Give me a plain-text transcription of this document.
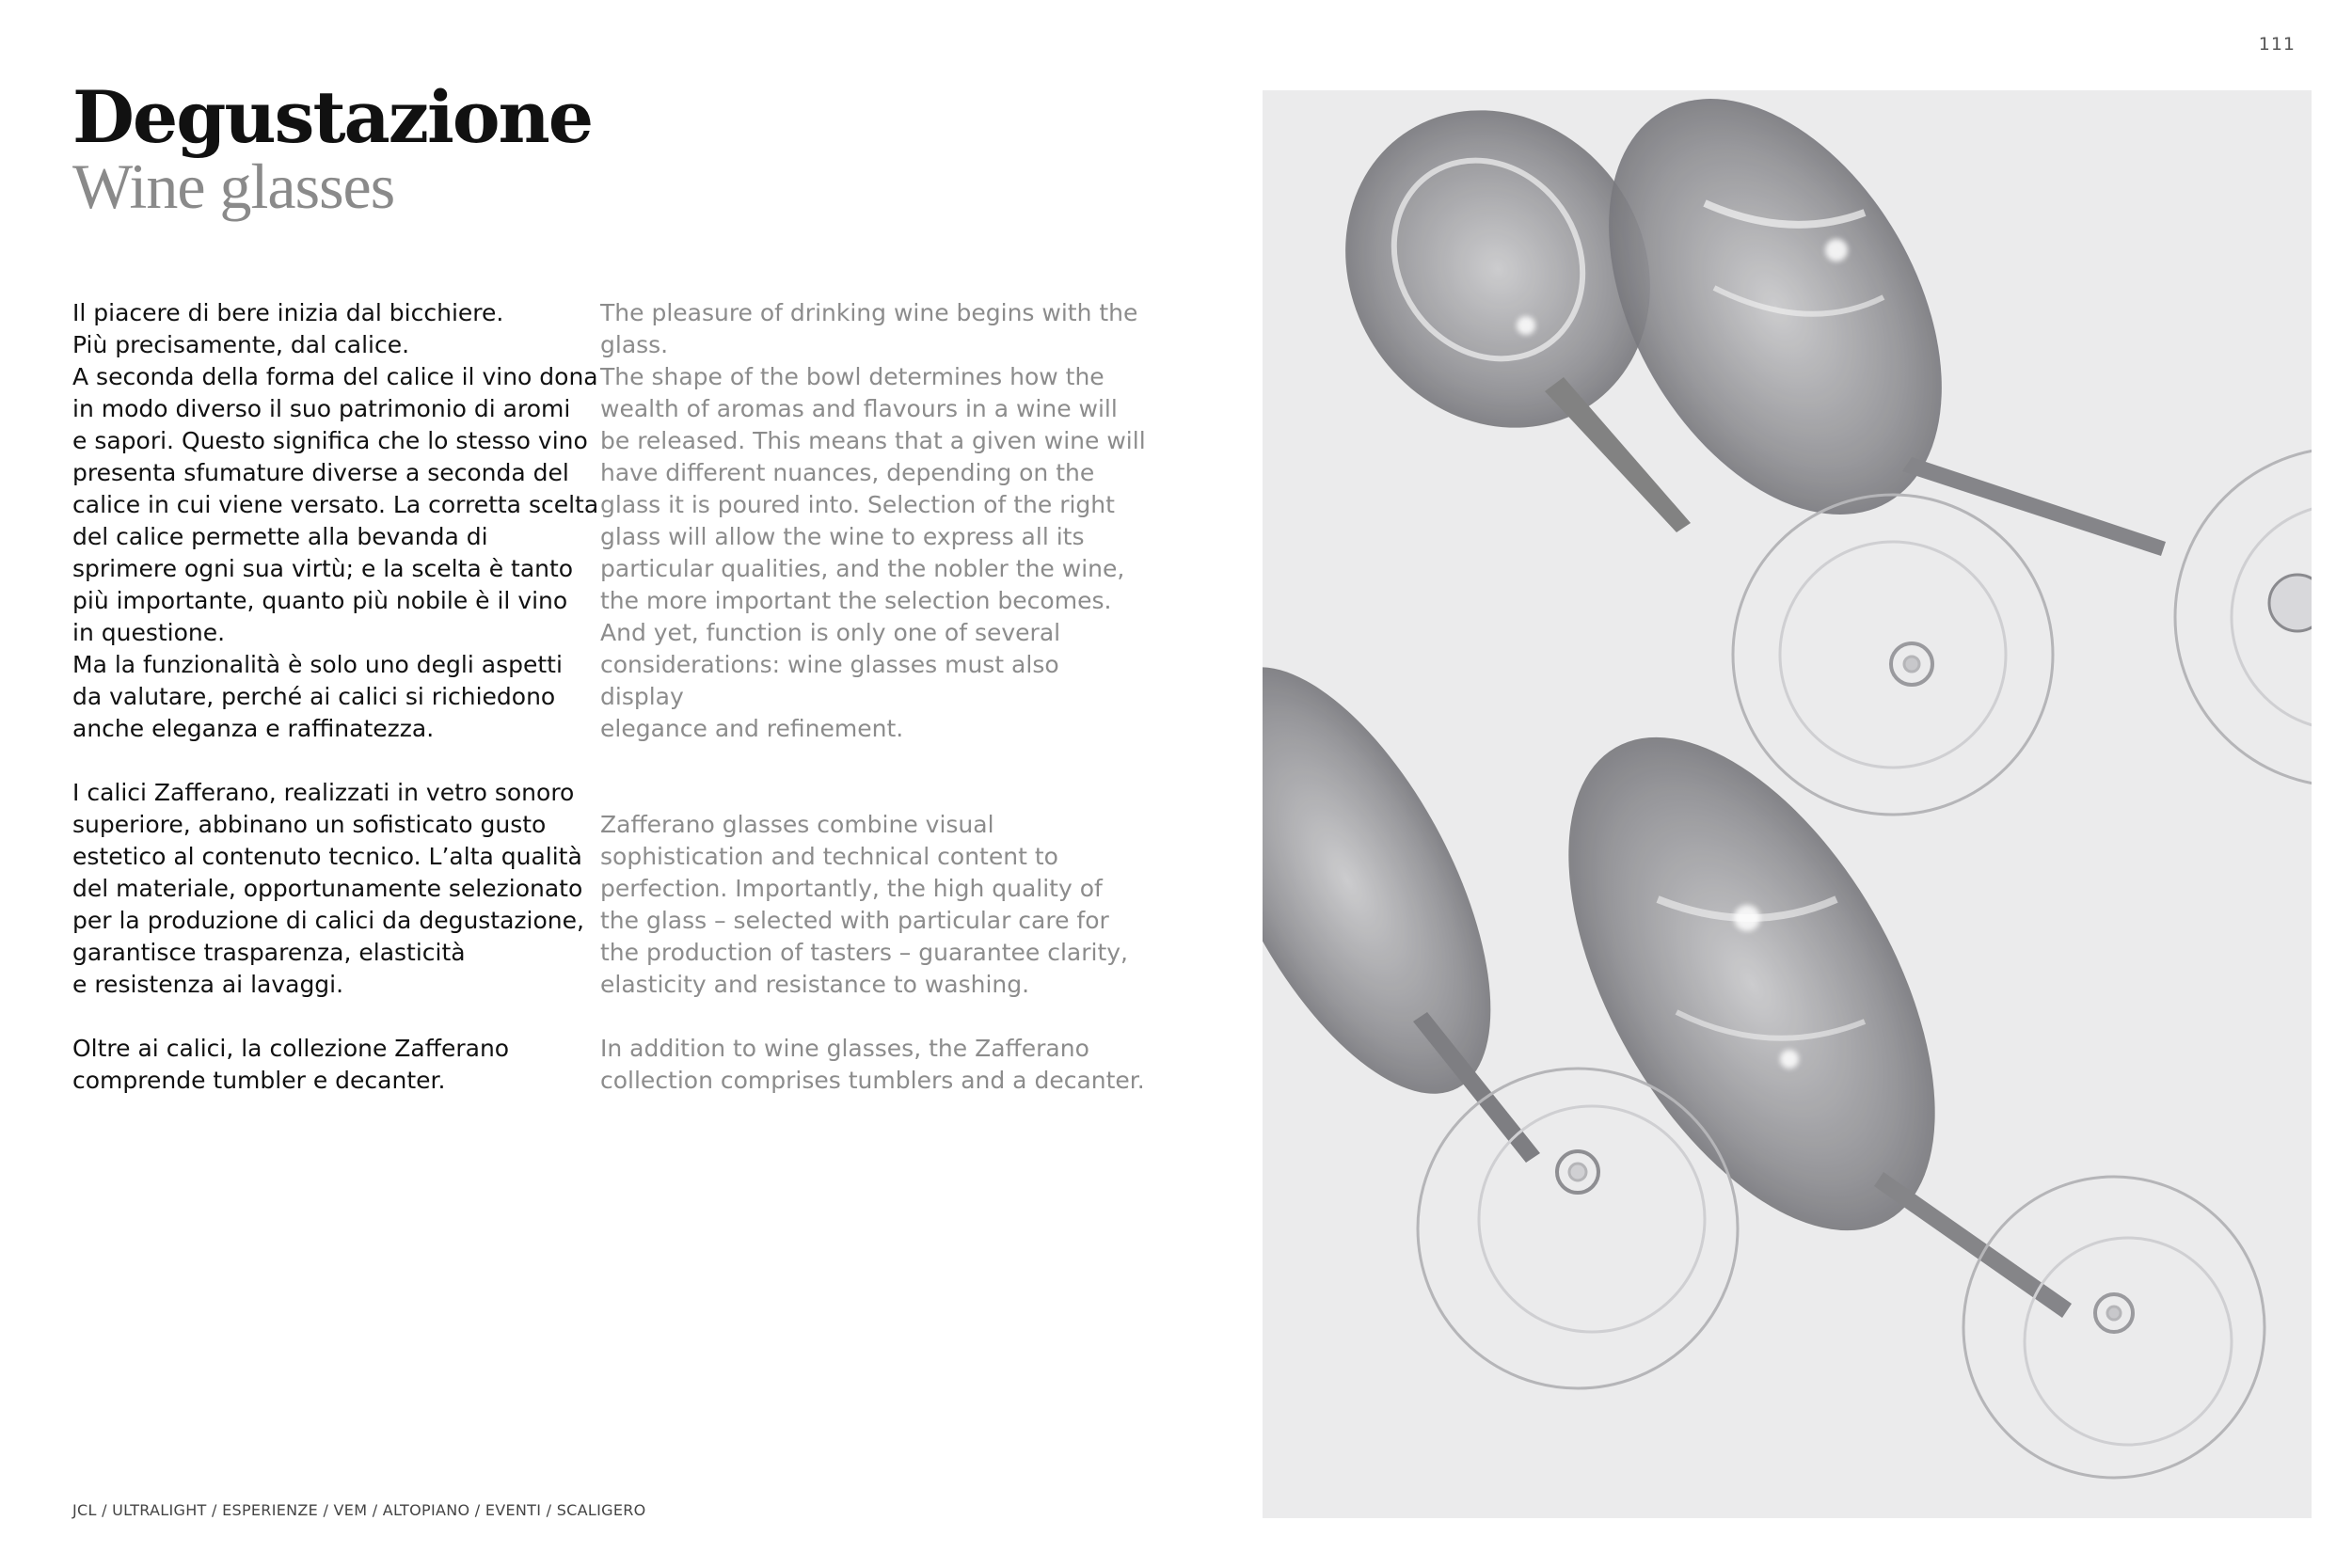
111
Degustazione
Wine glasses

Il piacere di bere inizia dal bicchiere.
Più precisamente, dal calice.
A seconda della forma del calice il vino dona
in modo diverso il suo patrimonio di aromi
e sapori. Questo significa che lo stesso vino
presenta sfumature diverse a seconda del
calice in cui viene versato. La corretta scelta
del calice permette alla bevanda di
sprimere ogni sua virtù; e la scelta è tanto
più importante, quanto più nobile è il vino
in questione.
Ma la funzionalità è solo uno degli aspetti
da valutare, perché ai calici si richiedono
anche eleganza e raffinatezza.

I calici Zafferano, realizzati in vetro sonoro
superiore, abbinano un sofisticato gusto
estetico al contenuto tecnico. L’alta qualità
del materiale, opportunamente selezionato
per la produzione di calici da degustazione,
garantisce trasparenza, elasticità
e resistenza ai lavaggi.

Oltre ai calici, la collezione Zafferano
comprende tumbler e decanter.

The pleasure of drinking wine begins with the
glass.
The shape of the bowl determines how the
wealth of aromas and flavours in a wine will
be released. This means that a given wine will
have different nuances, depending on the
glass it is poured into. Selection of the right
glass will allow the wine to express all its
particular qualities, and the nobler the wine,
the more important the selection becomes.
And yet, function is only one of several
considerations: wine glasses must also display
elegance and refinement.

Zafferano glasses combine visual
sophistication and technical content to
perfection. Importantly, the high quality of
the glass – selected with particular care for
the production of tasters – guarantee clarity,
elasticity and resistance to washing.

In addition to wine glasses, the Zafferano
collection comprises tumblers and a decanter.

JCL / ULTRALIGHT / ESPERIENZE / VEM / ALTOPIANO / EVENTI / SCALIGERO
